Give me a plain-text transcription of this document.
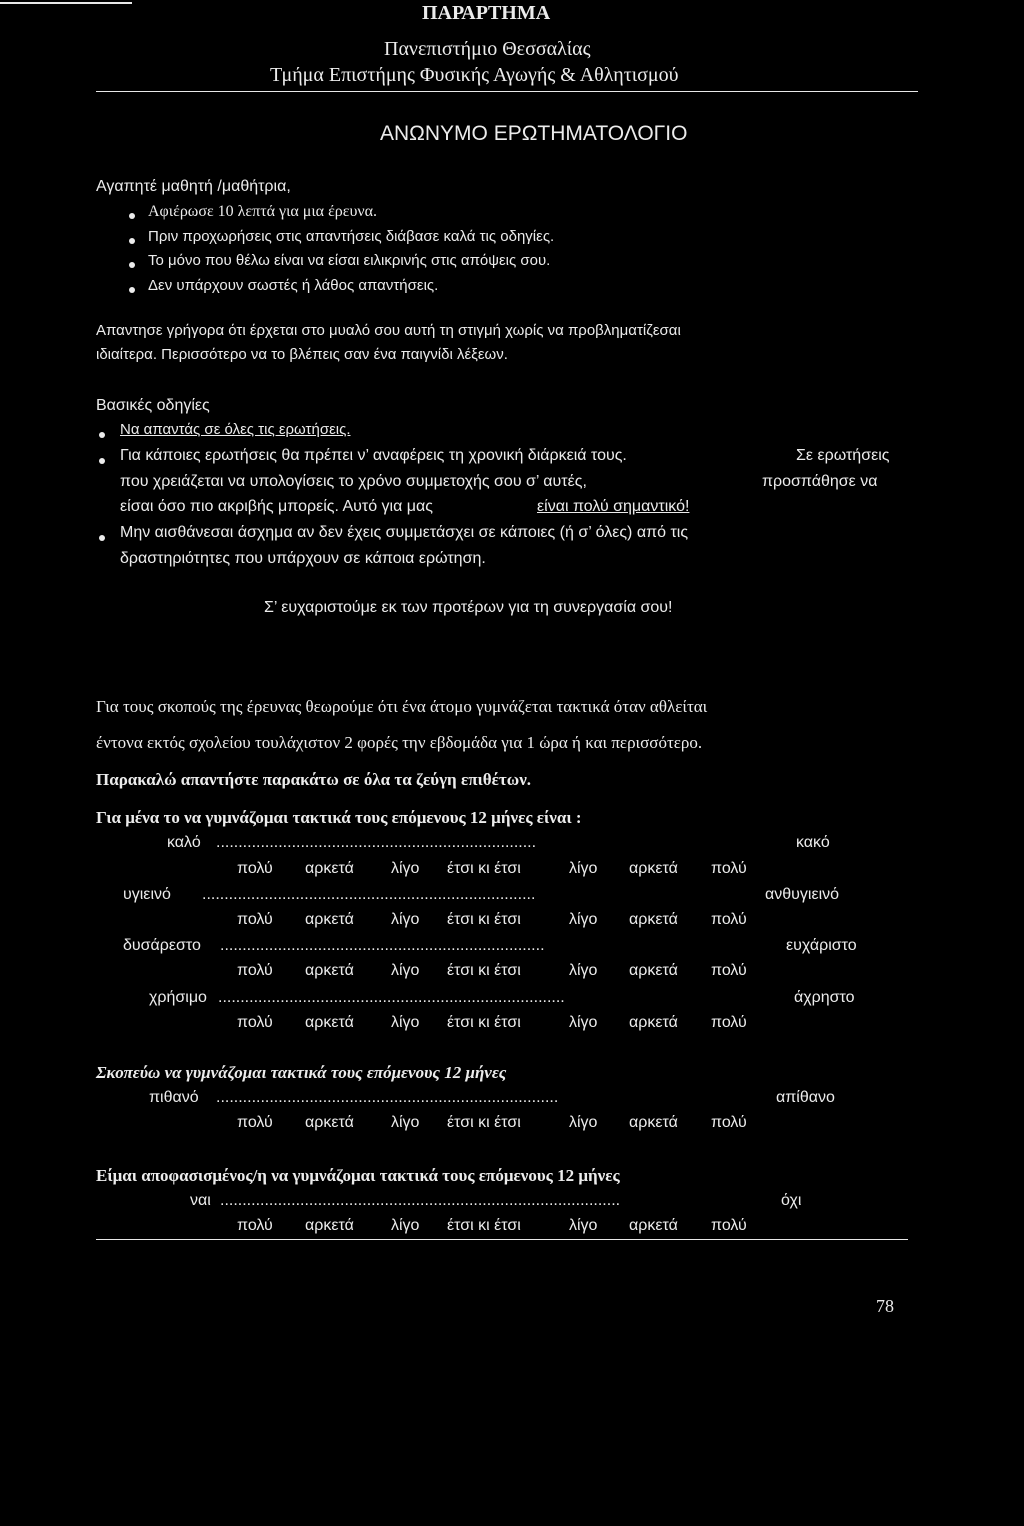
ΠΑΡΑΡΤΗΜΑ
Πανεπιστήμιο Θεσσαλίας
Τμήμα Επιστήμης Φυσικής Αγωγής & Αθλητισμού
ΑΝΩΝΥΜΟ ΕΡΩΤΗΜΑΤΟΛΟΓΙΟ
Αγαπητέ μαθητή /μαθήτρια,
Αφιέρωσε 10 λεπτά για μια έρευνα.
Πριν προχωρήσεις στις απαντήσεις διάβασε καλά τις οδηγίες.
Το μόνο που θέλω είναι να είσαι ειλικρινής στις απόψεις σου.
Δεν υπάρχουν σωστές ή λάθος απαντήσεις.
Απαντησε γρήγορα ότι έρχεται στο μυαλό σου αυτή τη στιγμή χωρίς να προβληματίζεσαι
ιδιαίτερα. Περισσότερο να το βλέπεις σαν ένα παιγνίδι λέξεων.
Βασικές οδηγίες
Να απαντάς σε όλες τις ερωτήσεις.
Για κάποιες ερωτήσεις θα πρέπει ν’ αναφέρεις τη χρονική διάρκειά τους.	Σε ερωτήσεις
που χρειάζεται να υπολογίσεις το χρόνο συμμετοχής σου σ’ αυτές,	προσπάθησε να
είσαι όσο πιο ακριβής μπορείς. Αυτό για μας	είναι πολύ σημαντικό!
Μην αισθάνεσαι άσχημα αν δεν έχεις συμμετάσχει σε κάποιες (ή σ’ όλες) από τις
δραστηριότητες που υπάρχουν σε κάποια ερώτηση.
Σ’ ευχαριστούμε εκ των προτέρων για τη συνεργασία σου!
Για τους σκοπούς της έρευνας θεωρούμε ότι ένα άτομο γυμνάζεται τακτικά όταν αθλείται
έντονα εκτός σχολείου τουλάχιστον 2 φορές την εβδομάδα για 1 ώρα ή και περισσότερο.
Παρακαλώ απαντήστε παρακάτω σε όλα τα ζεύγη επιθέτων.
Για μένα το να γυμνάζομαι τακτικά τους επόμενους 12 μήνες είναι :
καλό ........................................................................	κακό
πολύ αρκετά λίγο έτσι κι έτσι	λίγο αρκετά πολύ
υγιεινό ...........................................................................	ανθυγιεινό
πολύ αρκετά λίγο έτσι κι έτσι	λίγο αρκετά πολύ
δυσάρεστο .........................................................................	ευχάριστο
πολύ αρκετά λίγο έτσι κι έτσι	λίγο αρκετά πολύ
χρήσιμο ..............................................................................	άχρηστο
πολύ αρκετά λίγο έτσι κι έτσι	λίγο αρκετά πολύ
Σκοπεύω να γυμνάζομαι τακτικά τους επόμενους 12 μήνες
πιθανό .............................................................................	απίθανο
πολύ αρκετά λίγο έτσι κι έτσι	λίγο αρκετά πολύ
Είμαι αποφασισμένος/η να γυμνάζομαι τακτικά τους επόμενους 12 μήνες
ναι ..........................................................................................	όχι
πολύ αρκετά λίγο έτσι κι έτσι	λίγο αρκετά πολύ
78
